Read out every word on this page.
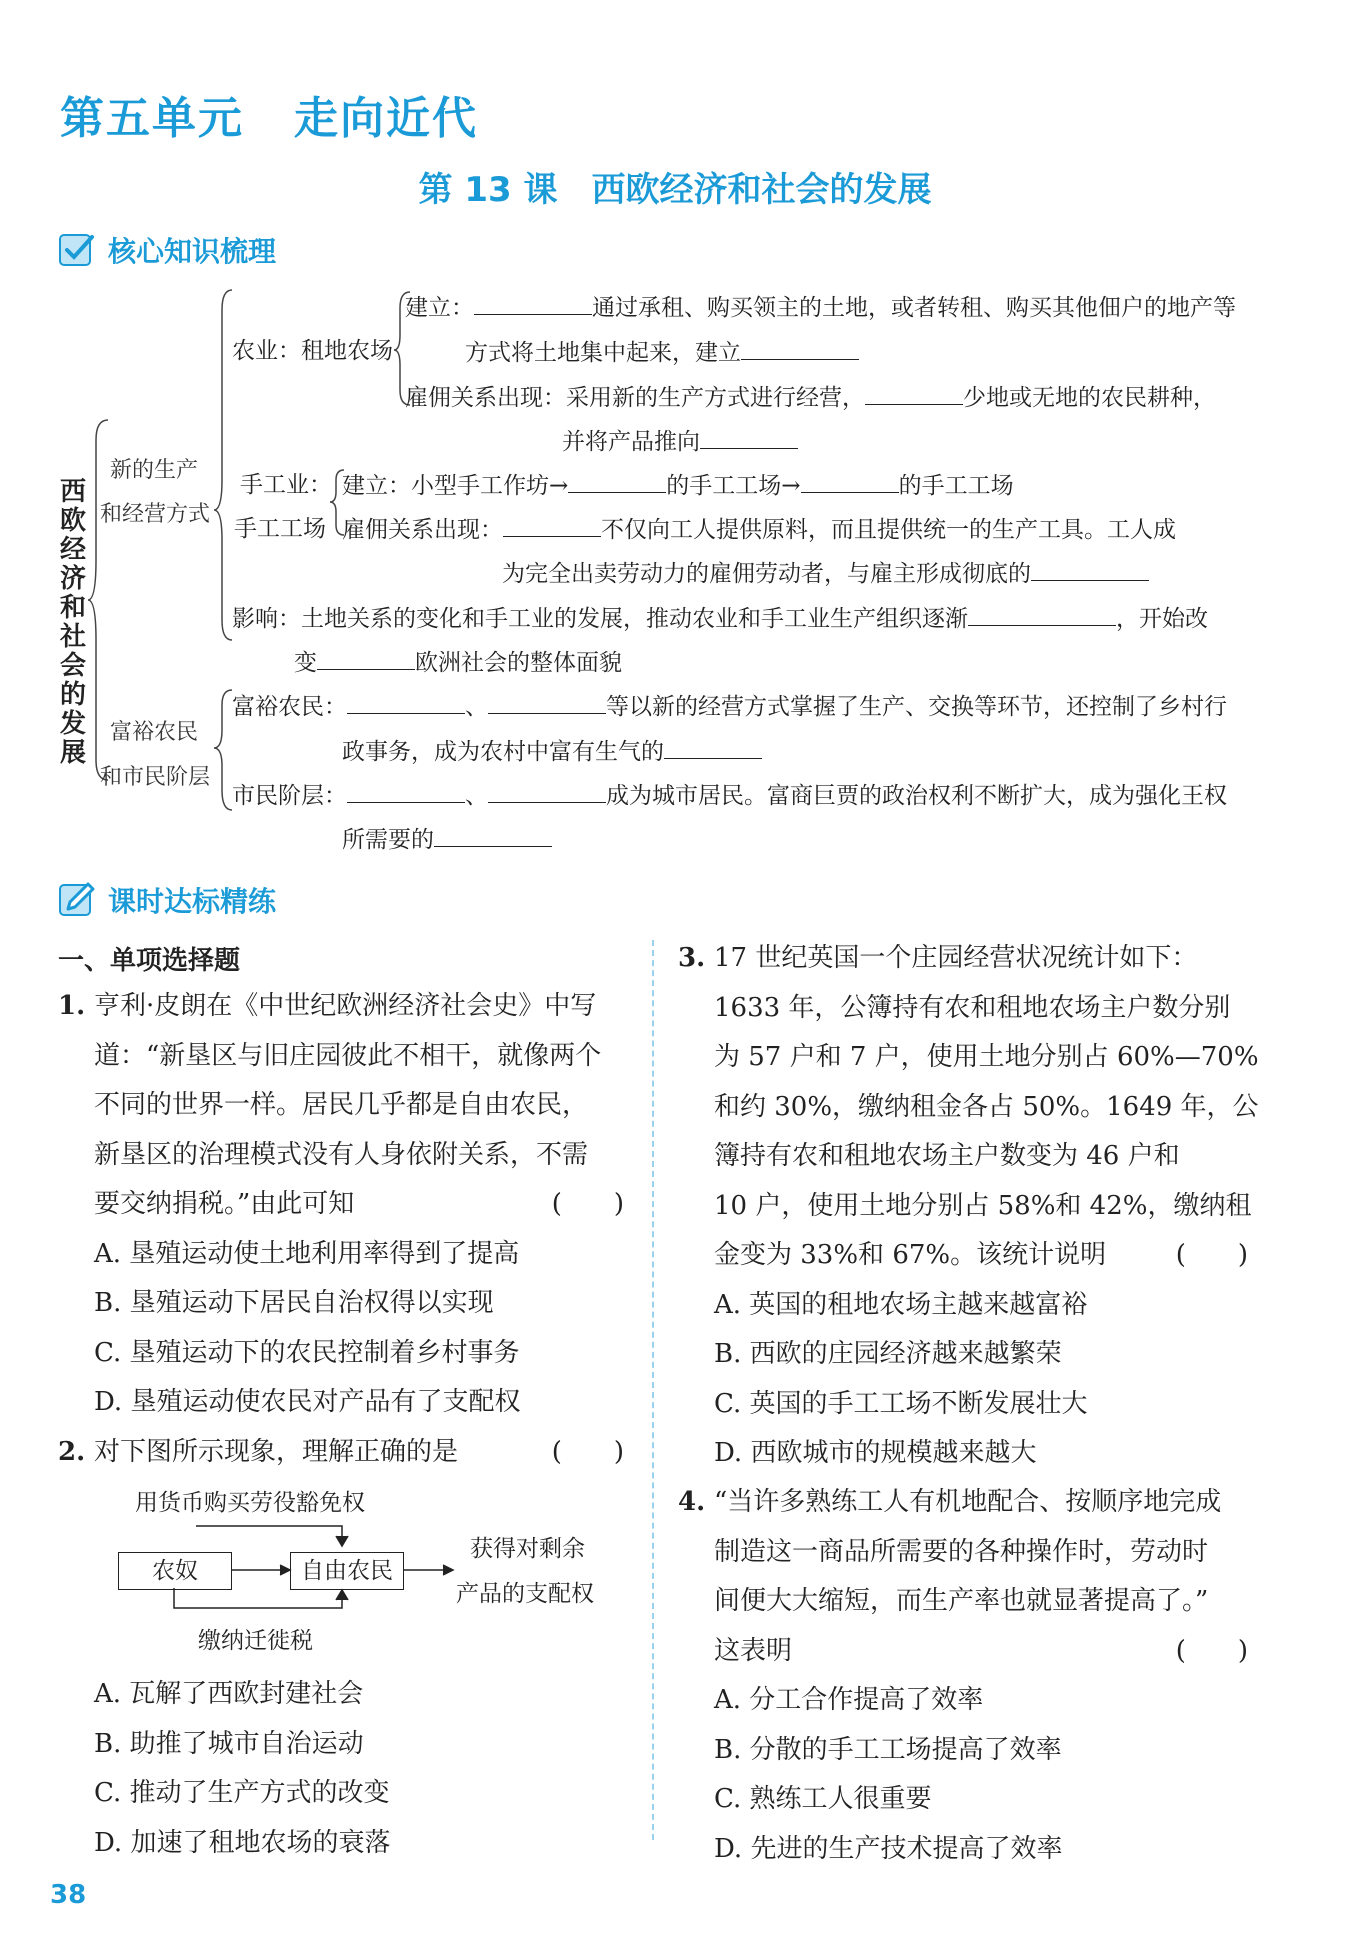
第五单元 走向近代
第 13 课 西欧经济和社会的发展
核心知识梳理
西欧经济和社会的发展
新的生产
和经营方式
富裕农民
和市民阶层
农业：租地农场
建立：	通过承租、购买领主的土地，或者转租、购买其他佃户的地产等
方式将土地集中起来，建立
雇佣关系出现：采用新的生产方式进行经营，	少地或无地的农民耕种，
并将产品推向
手工业：
手工工场
建立：小型手工作坊→	的手工工场→	的手工工场
雇佣关系出现：	不仅向工人提供原料，而且提供统一的生产工具。工人成
为完全出卖劳动力的雇佣劳动者，与雇主形成彻底的
影响：土地关系的变化和手工业的发展，推动农业和手工业生产组织逐渐	，开始改
变	欧洲社会的整体面貌
富裕农民：	、	等以新的经营方式掌握了生产、交换等环节，还控制了乡村行
政事务，成为农村中富有生气的
市民阶层：	、	成为城市居民。富商巨贾的政治权利不断扩大，成为强化王权
所需要的
课时达标精练
一、单项选择题
1. 亨利·皮朗在《中世纪欧洲经济社会史》中写
道：“新垦区与旧庄园彼此不相干，就像两个
不同的世界一样。居民几乎都是自由农民，
新垦区的治理模式没有人身依附关系，不需
要交纳捐税。”由此可知	(　　)
A. 垦殖运动使土地利用率得到了提高
B. 垦殖运动下居民自治权得以实现
C. 垦殖运动下的农民控制着乡村事务
D. 垦殖运动使农民对产品有了支配权
2. 对下图所示现象，理解正确的是	(　　)
用货币购买劳役豁免权
农奴	自由农民
获得对剩余
产品的支配权
缴纳迁徙税
A. 瓦解了西欧封建社会
B. 助推了城市自治运动
C. 推动了生产方式的改变
D. 加速了租地农场的衰落
3. 17 世纪英国一个庄园经营状况统计如下：
1633 年，公簿持有农和租地农场主户数分别
为 57 户和 7 户，使用土地分别占 60%—70%
和约 30%，缴纳租金各占 50%。1649 年，公
簿持有农和租地农场主户数变为 46 户和
10 户，使用土地分别占 58%和 42%，缴纳租
金变为 33%和 67%。该统计说明	(　　)
A. 英国的租地农场主越来越富裕
B. 西欧的庄园经济越来越繁荣
C. 英国的手工工场不断发展壮大
D. 西欧城市的规模越来越大
4. “当许多熟练工人有机地配合、按顺序地完成
制造这一商品所需要的各种操作时，劳动时
间便大大缩短，而生产率也就显著提高了。”
这表明	(　　)
A. 分工合作提高了效率
B. 分散的手工工场提高了效率
C. 熟练工人很重要
D. 先进的生产技术提高了效率
38
